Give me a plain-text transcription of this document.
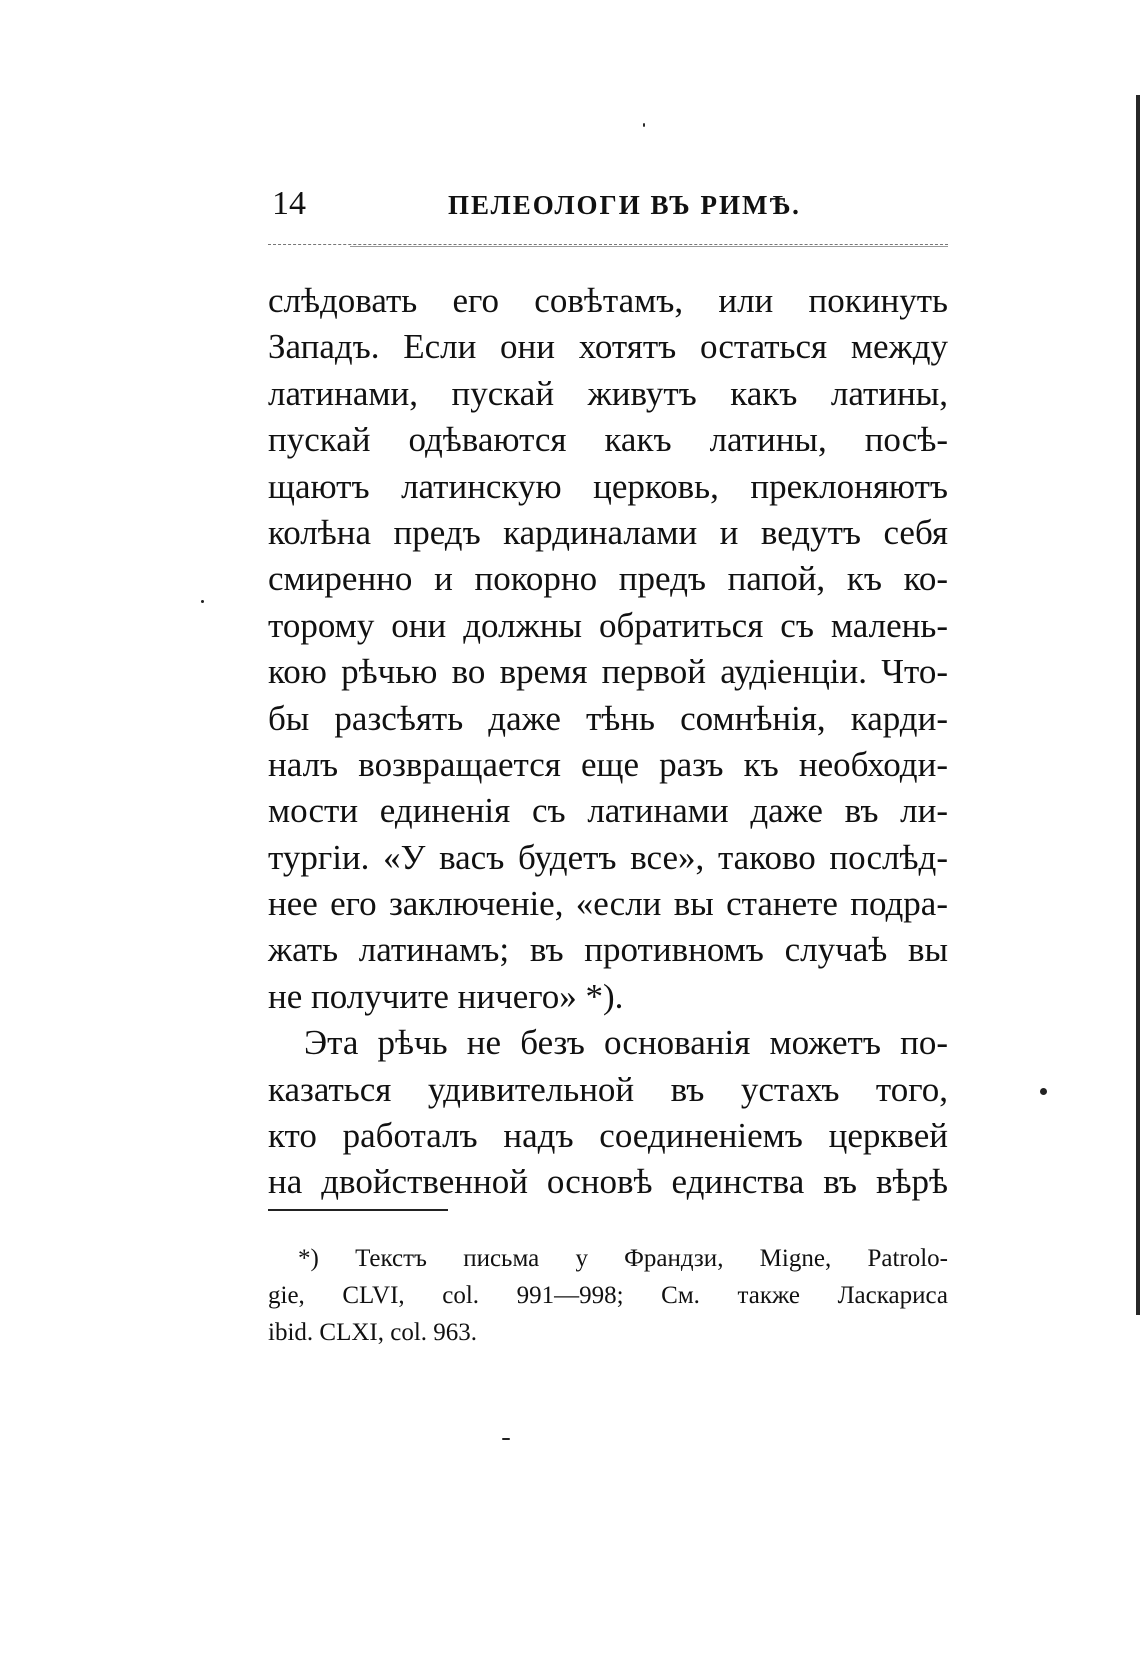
14	ПЕЛЕОЛОГИ ВЪ РИМѢ.
слѣдовать его совѣтамъ, или покинуть
Западъ. Если они хотятъ остаться между
латинами, пускай живутъ какъ латины,
пускай одѣваются какъ латины, посѣ-
щаютъ латинскую церковь, преклоняютъ
колѣна предъ кардиналами и ведутъ себя
смиренно и покорно предъ папой, къ ко-
торому они должны обратиться съ малень-
кою рѣчью во время первой аудіенціи. Что-
бы разсѣять даже тѣнь сомнѣнія, карди-
налъ возвращается еще разъ къ необходи-
мости единенія съ латинами даже въ ли-
тургіи. «У васъ будетъ все», таково послѣд-
нее его заключеніе, «если вы станете подра-
жать латинамъ; въ противномъ случаѣ вы
не получите ничего» *).
Эта рѣчь не безъ основанія можетъ по-
казаться удивительной въ устахъ того,
кто работалъ надъ соединеніемъ церквей
на двойственной основѣ единства въ вѣрѣ
*) Текстъ письма у Франдзи, Migne, Patrolo-
gie, CLVI, col. 991—998; См. также Ласкариса
ibid. CLXI, col. 963.
